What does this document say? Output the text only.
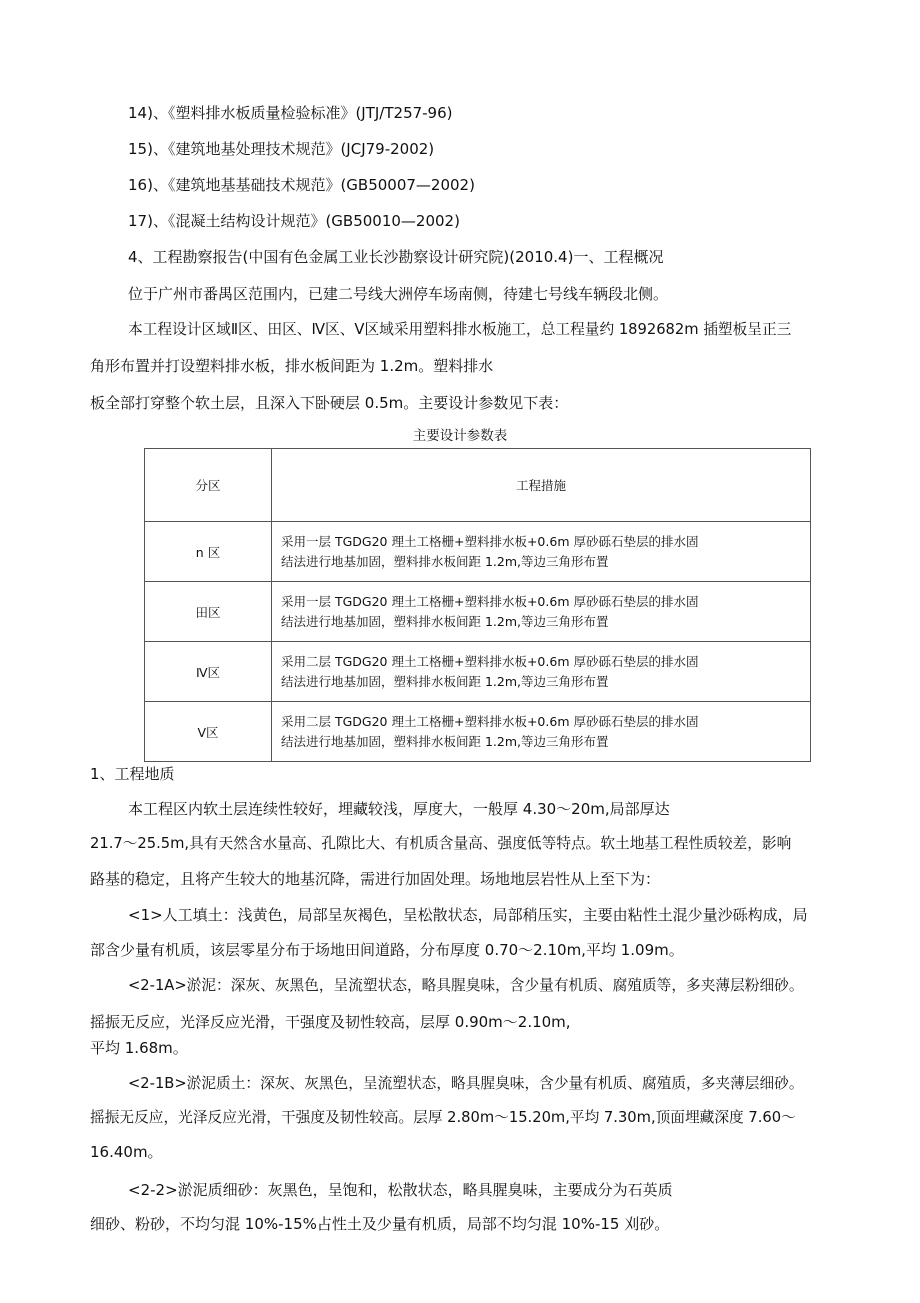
14)、《塑料排水板质量检验标准》(JTJ/T257-96)
15)、《建筑地基处理技术规范》(JCJ79-2002)
16)、《建筑地基基础技术规范》(GB50007—2002)
17)、《混凝土结构设计规范》(GB50010—2002)
4、工程勘察报告(中国有色金属工业长沙勘察设计研究院)(2010.4)一、工程概况
位于广州市番禺区范围内，已建二号线大洲停车场南侧，待建七号线车辆段北侧。
本工程设计区域Ⅱ区、田区、Ⅳ区、Ⅴ区域采用塑料排水板施工，总工程量约 1892682m 插塑板呈正三
角形布置并打设塑料排水板，排水板间距为 1.2m。塑料排水
板全部打穿整个软土层，且深入下卧硬层 0.5m。主要设计参数见下表：
主要设计参数表
分区	工程措施
n 区	采用一层 TGDG20 理土工格栅+塑料排水板+0.6m 厚砂砾石垫层的排水固
结法进行地基加固，塑料排水板间距 1.2m,等边三角形布置

田区	采用一层 TGDG20 理土工格栅+塑料排水板+0.6m 厚砂砾石垫层的排水固
结法进行地基加固，塑料排水板间距 1.2m,等边三角形布置

Ⅳ区	采用二层 TGDG20 理土工格栅+塑料排水板+0.6m 厚砂砾石垫层的排水固
结法进行地基加固，塑料排水板间距 1.2m,等边三角形布置

Ⅴ区	采用二层 TGDG20 理土工格栅+塑料排水板+0.6m 厚砂砾石垫层的排水固
结法进行地基加固，塑料排水板间距 1.2m,等边三角形布置
1、工程地质
本工程区内软土层连续性较好，埋藏较浅，厚度大，一般厚 4.30～20m,局部厚达
21.7～25.5m,具有天然含水量高、孔隙比大、有机质含量高、强度低等特点。软土地基工程性质较差，影响
路基的稳定，且将产生较大的地基沉降，需进行加固处理。场地地层岩性从上至下为：
<1>人工填土：浅黄色，局部呈灰褐色，呈松散状态，局部稍压实，主要由粘性土混少量沙砾构成，局
部含少量有机质，该层零星分布于场地田间道路，分布厚度 0.70～2.10m,平均 1.09m。
<2-1A>淤泥：深灰、灰黑色，呈流塑状态，略具腥臭味，含少量有机质、腐殖质等，多夹薄层粉细砂。
摇振无反应，光泽反应光滑，干强度及韧性较高，层厚 0.90m～2.10m,
平均 1.68m。
<2-1B>淤泥质土：深灰、灰黑色，呈流塑状态，略具腥臭味，含少量有机质、腐殖质，多夹薄层细砂。
摇振无反应，光泽反应光滑，干强度及韧性较高。层厚 2.80m～15.20m,平均 7.30m,顶面埋藏深度 7.60～
16.40m。
<2-2>淤泥质细砂：灰黑色，呈饱和，松散状态，略具腥臭味，主要成分为石英质
细砂、粉砂，不均匀混 10%-15%占性土及少量有机质，局部不均匀混 10%-15 刈砂。
